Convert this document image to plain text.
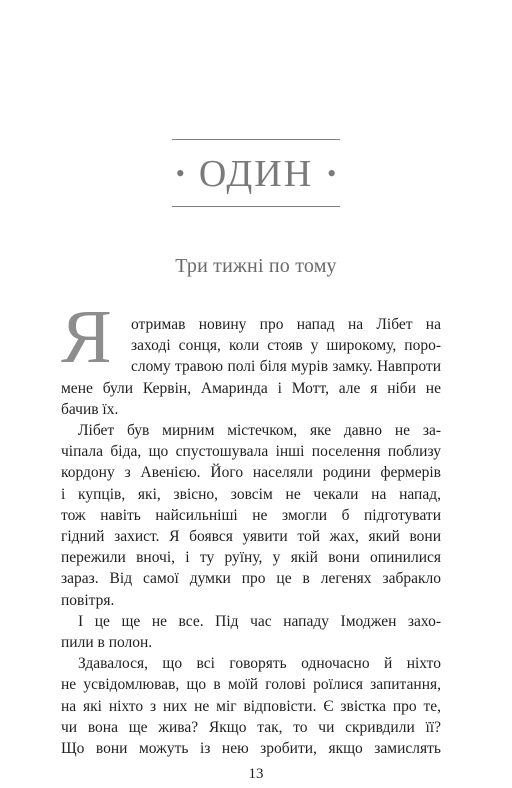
• ОДИН •
Три тижні по тому
Я отримав новину про напад на Лібет на
заході сонця, коли стояв у широкому, поро-
слому травою полі біля мурів замку. Навпроти
мене були Кервін, Амаринда і Мотт, але я ніби не
бачив їх.
Лібет був мирним містечком, яке давно не за-
чіпала біда, що спустошувала інші поселення поблизу
кордону з Авенією. Його населяли родини фермерів
і купців, які, звісно, зовсім не чекали на напад,
тож навіть найсильніші не змогли б підготувати
гідний захист. Я боявся уявити той жах, який вони
пережили вночі, і ту руїну, у якій вони опинилися
зараз. Від самої думки про це в легенях забракло
повітря.
І це ще не все. Під час нападу Імоджен захо-
пили в полон.
Здавалося, що всі говорять одночасно й ніхто
не усвідомлював, що в моїй голові роїлися запитання,
на які ніхто з них не міг відповісти. Є звістка про те,
чи вона ще жива? Якщо так, то чи скривдили її?
Що вони можуть із нею зробити, якщо замислять
13
